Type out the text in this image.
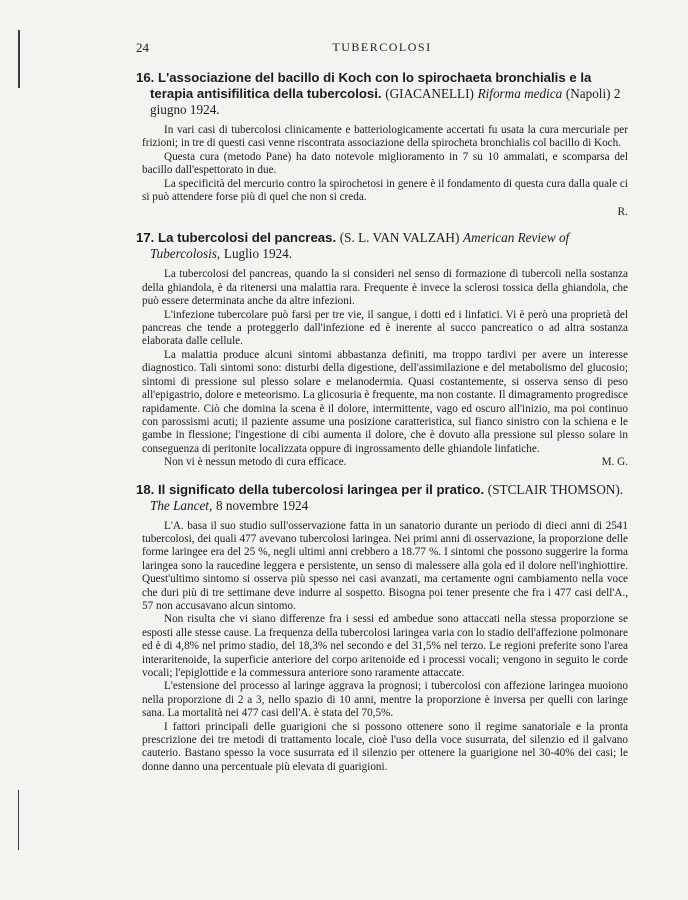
24	TUBERCOLOSI

16. L'associazione del bacillo di Koch con lo spirochaeta bronchialis e la terapia antisifilitica della tubercolosi. (GIACANELLI) Riforma medica (Napoli) 2 giugno 1924.

In vari casi di tubercolosi clinicamente e batteriologicamente accertati fu usata la cura mercuriale per frizioni; in tre di questi casi venne riscontrata associazione della spirocheta bronchialis col bacillo di Koch.

Questa cura (metodo Pane) ha dato notevole miglioramento in 7 su 10 ammalati, e scomparsa del bacillo dall'espettorato in due.

La specificità del mercurio contro la spirochetosi in genere è il fondamento di questa cura dalla quale ci si può attendere forse più di quel che non si creda.

R.

17. La tubercolosi del pancreas. (S. L. VAN VALZAH) American Review of Tubercolosis, Luglio 1924.

La tubercolosi del pancreas, quando la si consideri nel senso di formazione di tubercoli nella sostanza della ghiandola, è da ritenersi una malattia rara. Frequente è invece la sclerosi tossica della ghiandola, che può essere determinata anche da altre infezioni.

L'infezione tubercolare può farsi per tre vie, il sangue, i dotti ed i linfatici. Vi è però una proprietà del pancreas che tende a proteggerlo dall'infezione ed è inerente al succo pancreatico o ad altra sostanza elaborata dalle cellule.

La malattia produce alcuni sintomi abbastanza definiti, ma troppo tardivi per avere un interesse diagnostico. Tali sintomi sono: disturbi della digestione, dell'assimilazione e del metabolismo del glucosio; sintomi di pressione sul plesso solare e melanodermia. Quasi costantemente, si osserva senso di peso all'epigastrio, dolore e meteorismo. La glicosuria è frequente, ma non costante. Il dimagramento progredisce rapidamente. Ciò che domina la scena è il dolore, intermittente, vago ed oscuro all'inizio, ma poi continuo con parossismi acuti; il paziente assume una posizione caratteristica, sul fianco sinistro con la schiena e le gambe in flessione; l'ingestione di cibi aumenta il dolore, che è dovuto alla pressione sul plesso solare in conseguenza di peritonite localizzata oppure di ingrossamento delle ghiandole linfatiche.

Non vi è nessun metodo di cura efficace.	M. G.

18. Il significato della tubercolosi laringea per il pratico. (STCLAIR THOMSON). The Lancet, 8 novembre 1924

L'A. basa il suo studio sull'osservazione fatta in un sanatorio durante un periodo di dieci anni di 2541 tubercolosi, dei quali 477 avevano tubercolosi laringea. Nei primi anni di osservazione, la proporzione delle forme laringee era del 25 %, negli ultimi anni crebbero a 18.77 %. I sintomi che possono suggerire la forma laringea sono la raucedine leggera e persistente, un senso di malessere alla gola ed il dolore nell'inghiottire. Quest'ultimo sintomo si osserva più spesso nei casi avanzati, ma certamente ogni cambiamento nella voce che duri più di tre settimane deve indurre al sospetto. Bisogna poi tener presente che fra i 477 casi dell'A., 57 non accusavano alcun sintomo.

Non risulta che vi siano differenze fra i sessi ed ambedue sono attaccati nella stessa proporzione se esposti alle stesse cause. La frequenza della tubercolosi laringea varia con lo stadio dell'affezione polmonare ed è di 4,8% nel primo stadio, del 18,3% nel secondo e del 31,5% nel terzo. Le regioni preferite sono l'area interaritenoide, la superficie anteriore del corpo aritenoide ed i processi vocali; vengono in seguito le corde vocali; l'epiglottide e la commessura anteriore sono raramente attaccate.

L'estensione del processo al laringe aggrava la prognosi; i tubercolosi con affezione laringea muoiono nella proporzione di 2 a 3, nello spazio di 10 anni, mentre la proporzione è inversa per quelli con laringe sana. La mortalità nei 477 casi dell'A. è stata del 70,5%.

I fattori principali delle guarigioni che si possono ottenere sono il regime sanatoriale e la pronta prescrizione dei tre metodi di trattamento locale, cioè l'uso della voce susurrata, del silenzio ed il galvano cauterio. Bastano spesso la voce susurrata ed il silenzio per ottenere la guarigione nel 30-40% dei casi; le donne danno una percentuale più elevata di guarigioni.
